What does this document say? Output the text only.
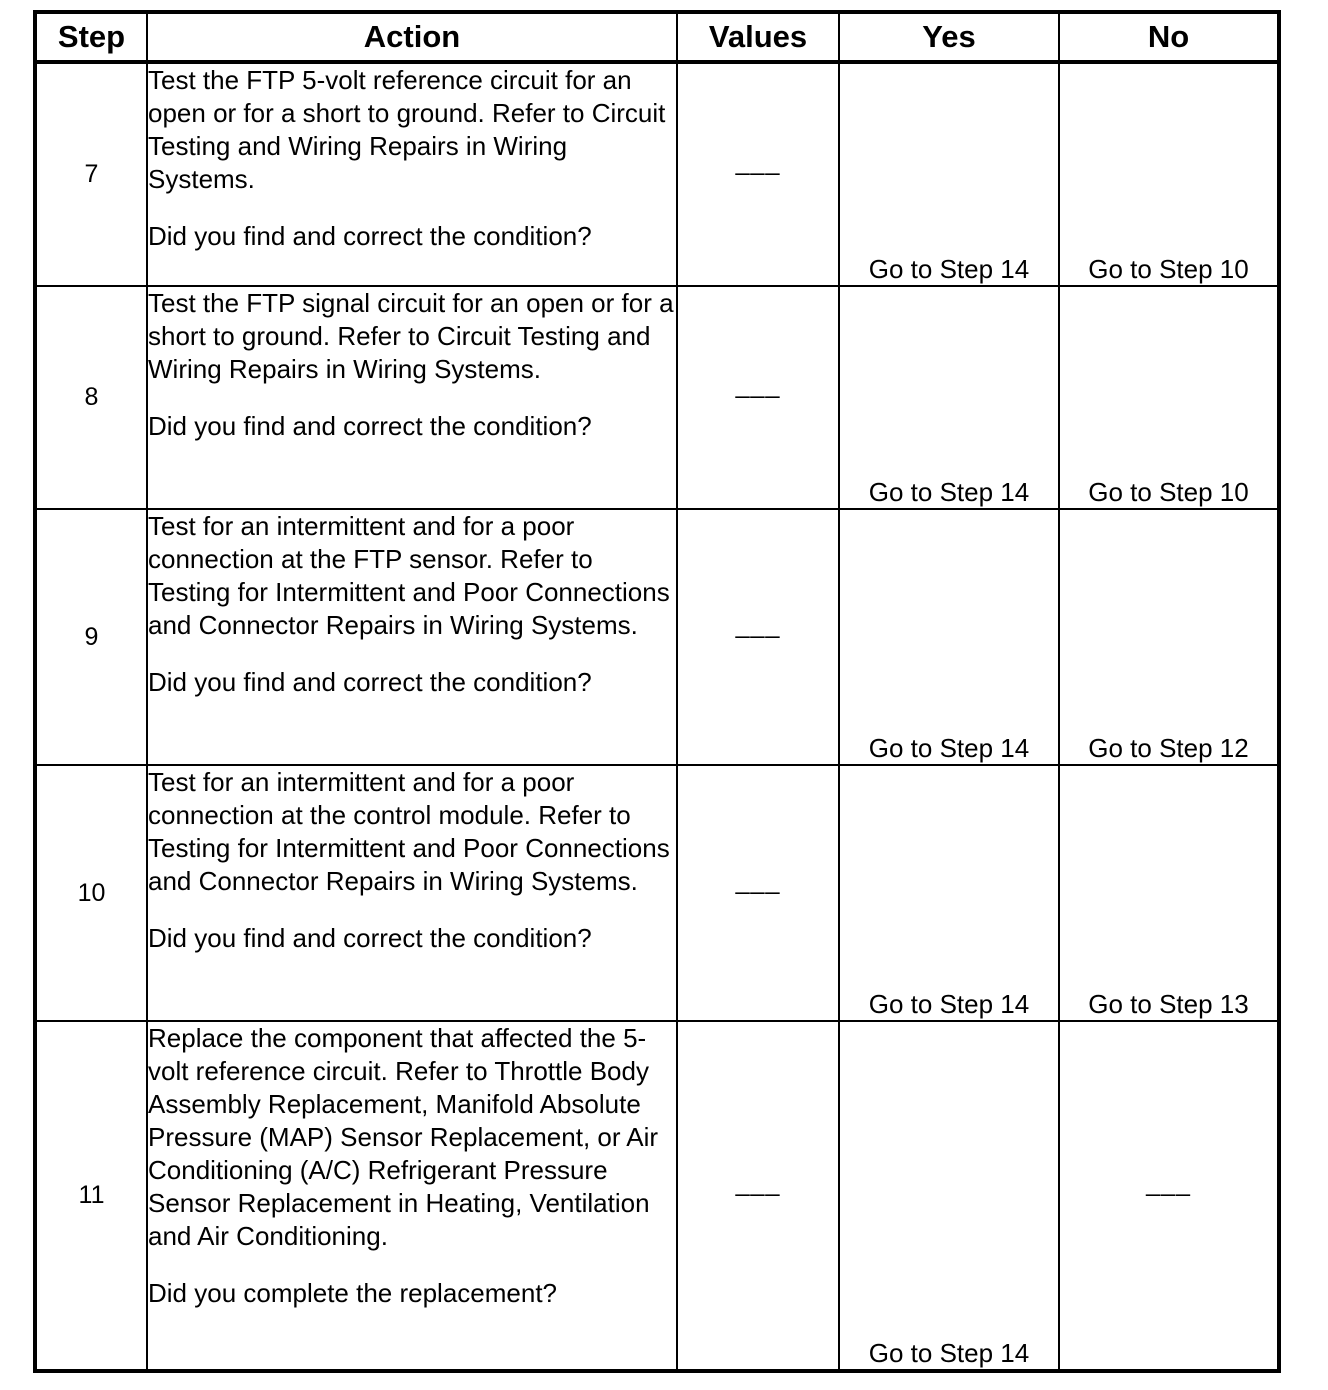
Step	Action	Values	Yes	No
7	Test the FTP 5-volt reference circuit for an open or for a short to ground. Refer to Circuit Testing and Wiring Repairs in Wiring Systems.

Did you find and correct the condition?	___	Go to Step 14	Go to Step 10
8	Test the FTP signal circuit for an open or for a short to ground. Refer to Circuit Testing and Wiring Repairs in Wiring Systems.

Did you find and correct the condition?	___	Go to Step 14	Go to Step 10
9	Test for an intermittent and for a poor connection at the FTP sensor. Refer to Testing for Intermittent and Poor Connections and Connector Repairs in Wiring Systems.

Did you find and correct the condition?	___	Go to Step 14	Go to Step 12
10	Test for an intermittent and for a poor connection at the control module. Refer to Testing for Intermittent and Poor Connections and Connector Repairs in Wiring Systems.

Did you find and correct the condition?	___	Go to Step 14	Go to Step 13
11	Replace the component that affected the 5-volt reference circuit. Refer to Throttle Body Assembly Replacement, Manifold Absolute Pressure (MAP) Sensor Replacement, or Air Conditioning (A/C) Refrigerant Pressure Sensor Replacement in Heating, Ventilation and Air Conditioning.

Did you complete the replacement?	___	Go to Step 14	___
